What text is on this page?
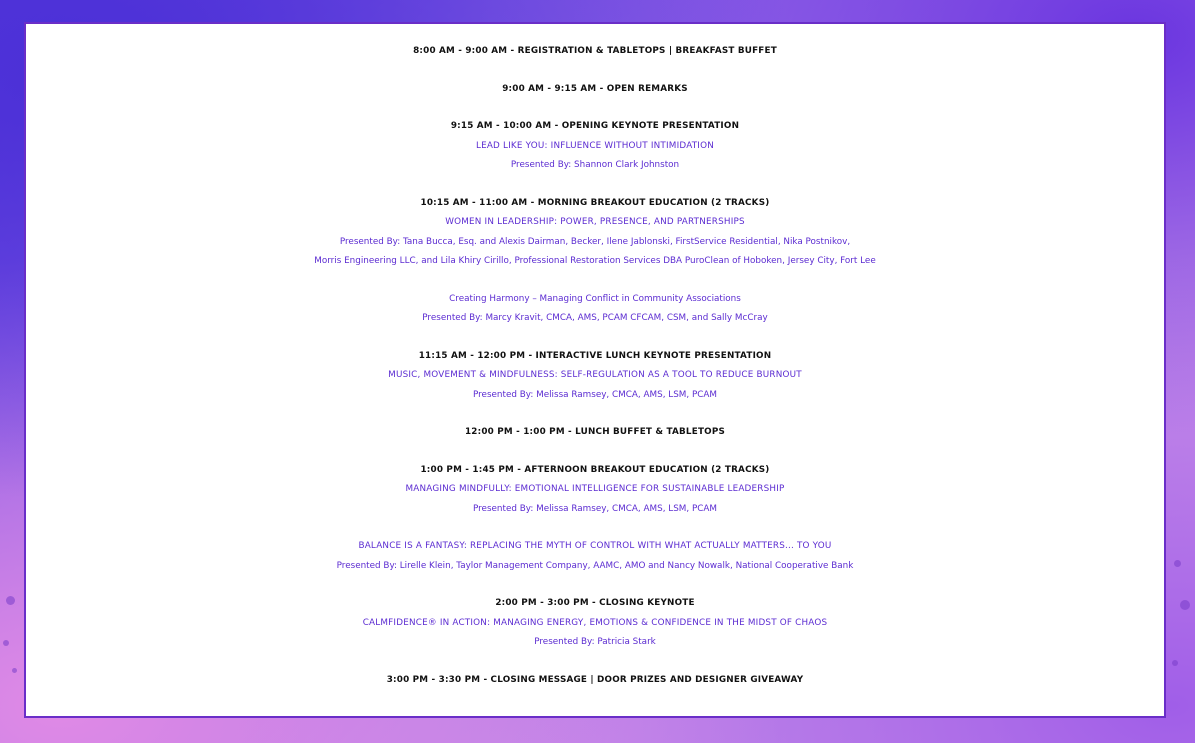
8:00 AM - 9:00 AM - REGISTRATION & TABLETOPS | BREAKFAST BUFFET
9:00 AM - 9:15 AM - OPEN REMARKS
9:15 AM - 10:00 AM - OPENING KEYNOTE PRESENTATION
LEAD LIKE YOU: INFLUENCE WITHOUT INTIMIDATION
Presented By: Shannon Clark Johnston
10:15 AM - 11:00 AM - MORNING BREAKOUT EDUCATION (2 TRACKS)
WOMEN IN LEADERSHIP: POWER, PRESENCE, AND PARTNERSHIPS
Presented By: Tana Bucca, Esq. and Alexis Dairman, Becker, Ilene Jablonski, FirstService Residential, Nika Postnikov,
Morris Engineering LLC, and Lila Khiry Cirillo, Professional Restoration Services DBA PuroClean of Hoboken, Jersey City, Fort Lee
Creating Harmony – Managing Conflict in Community Associations
Presented By: Marcy Kravit, CMCA, AMS, PCAM CFCAM, CSM, and Sally McCray
11:15 AM - 12:00 PM - INTERACTIVE LUNCH KEYNOTE PRESENTATION
MUSIC, MOVEMENT & MINDFULNESS: SELF-REGULATION AS A TOOL TO REDUCE BURNOUT
Presented By: Melissa Ramsey, CMCA, AMS, LSM, PCAM
12:00 PM - 1:00 PM - LUNCH BUFFET & TABLETOPS
1:00 PM - 1:45 PM - AFTERNOON BREAKOUT EDUCATION (2 TRACKS)
MANAGING MINDFULLY: EMOTIONAL INTELLIGENCE FOR SUSTAINABLE LEADERSHIP
Presented By: Melissa Ramsey, CMCA, AMS, LSM, PCAM
BALANCE IS A FANTASY: REPLACING THE MYTH OF CONTROL WITH WHAT ACTUALLY MATTERS... TO YOU
Presented By: Lirelle Klein, Taylor Management Company, AAMC, AMO and Nancy Nowalk, National Cooperative Bank
2:00 PM - 3:00 PM - CLOSING KEYNOTE
CALMFIDENCE® IN ACTION: MANAGING ENERGY, EMOTIONS & CONFIDENCE IN THE MIDST OF CHAOS
Presented By: Patricia Stark
3:00 PM - 3:30 PM - CLOSING MESSAGE | DOOR PRIZES AND DESIGNER GIVEAWAY
